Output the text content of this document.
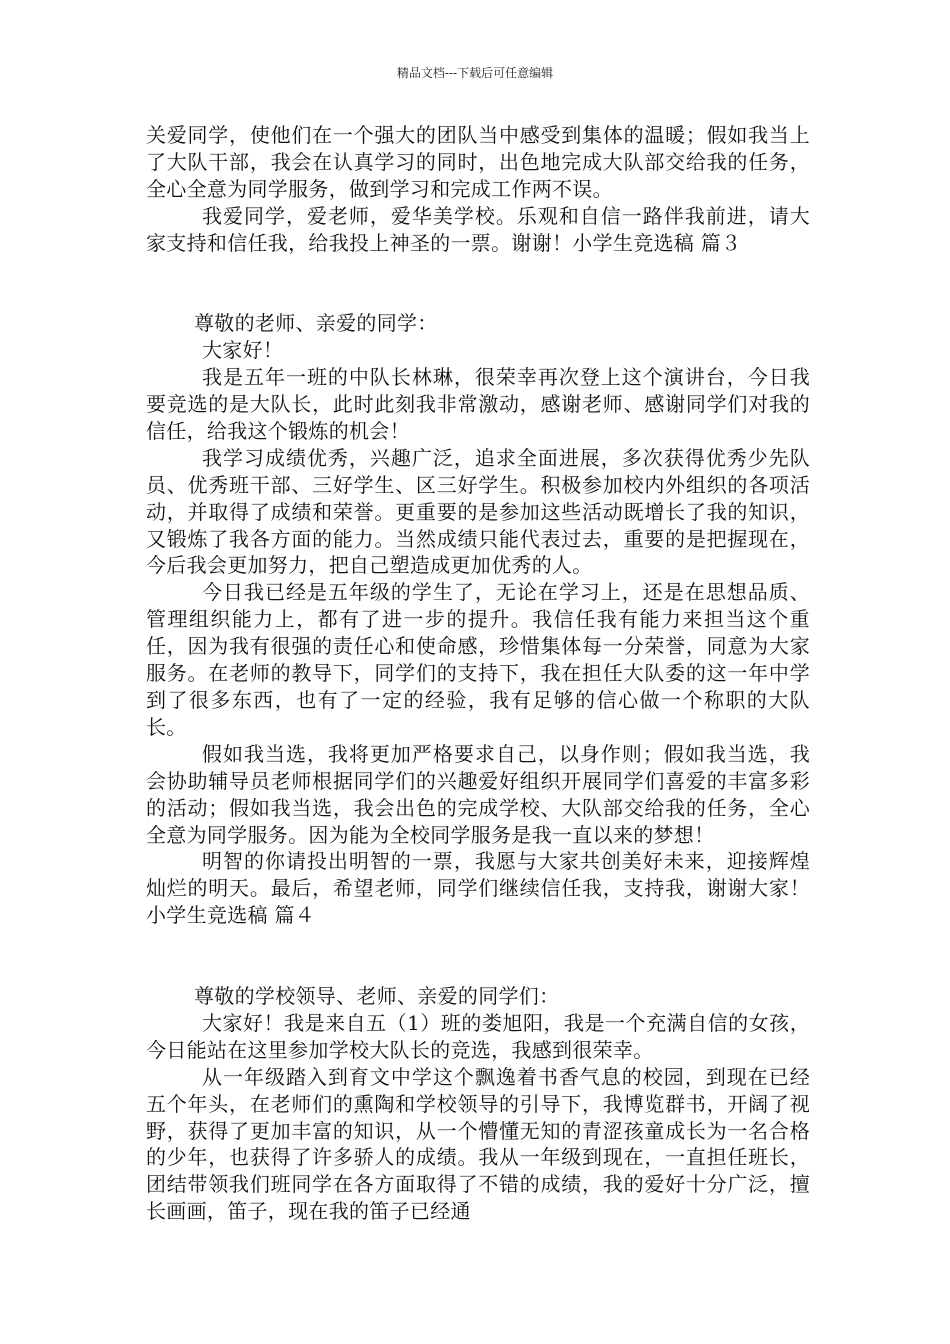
精品文档---下载后可任意编辑

关爱同学，使他们在一个强大的团队当中感受到集体的温暖；假如我当上了大队干部，我会在认真学习的同时，出色地完成大队部交给我的任务，全心全意为同学服务，做到学习和完成工作两不误。

我爱同学，爱老师，爱华美学校。乐观和自信一路伴我前进，请大家支持和信任我，给我投上神圣的一票。谢谢！小学生竞选稿 篇３

尊敬的老师、亲爱的同学：

大家好！

我是五年一班的中队长林琳，很荣幸再次登上这个演讲台，今日我要竞选的是大队长，此时此刻我非常激动，感谢老师、感谢同学们对我的信任，给我这个锻炼的机会！

我学习成绩优秀，兴趣广泛，追求全面进展，多次获得优秀少先队员、优秀班干部、三好学生、区三好学生。积极参加校内外组织的各项活动，并取得了成绩和荣誉。更重要的是参加这些活动既增长了我的知识，又锻炼了我各方面的能力。当然成绩只能代表过去，重要的是把握现在，今后我会更加努力，把自己塑造成更加优秀的人。

今日我已经是五年级的学生了，无论在学习上，还是在思想品质、管理组织能力上，都有了进一步的提升。我信任我有能力来担当这个重任，因为我有很强的责任心和使命感，珍惜集体每一分荣誉，同意为大家服务。在老师的教导下，同学们的支持下，我在担任大队委的这一年中学到了很多东西，也有了一定的经验，我有足够的信心做一个称职的大队长。

假如我当选，我将更加严格要求自己，以身作则；假如我当选，我会协助辅导员老师根据同学们的兴趣爱好组织开展同学们喜爱的丰富多彩的活动；假如我当选，我会出色的完成学校、大队部交给我的任务，全心全意为同学服务。因为能为全校同学服务是我一直以来的梦想！

明智的你请投出明智的一票，我愿与大家共创美好未来，迎接辉煌灿烂的明天。最后，希望老师，同学们继续信任我，支持我，谢谢大家！小学生竞选稿 篇４

尊敬的学校领导、老师、亲爱的同学们：

大家好！我是来自五（1）班的娄旭阳，我是一个充满自信的女孩，今日能站在这里参加学校大队长的竞选，我感到很荣幸。

从一年级踏入到育文中学这个飘逸着书香气息的校园，到现在已经五个年头，在老师们的熏陶和学校领导的引导下，我博览群书，开阔了视野，获得了更加丰富的知识，从一个懵懂无知的青涩孩童成长为一名合格的少年，也获得了许多骄人的成绩。我从一年级到现在，一直担任班长，团结带领我们班同学在各方面取得了不错的成绩，我的爱好十分广泛，擅长画画，笛子，现在我的笛子已经通
